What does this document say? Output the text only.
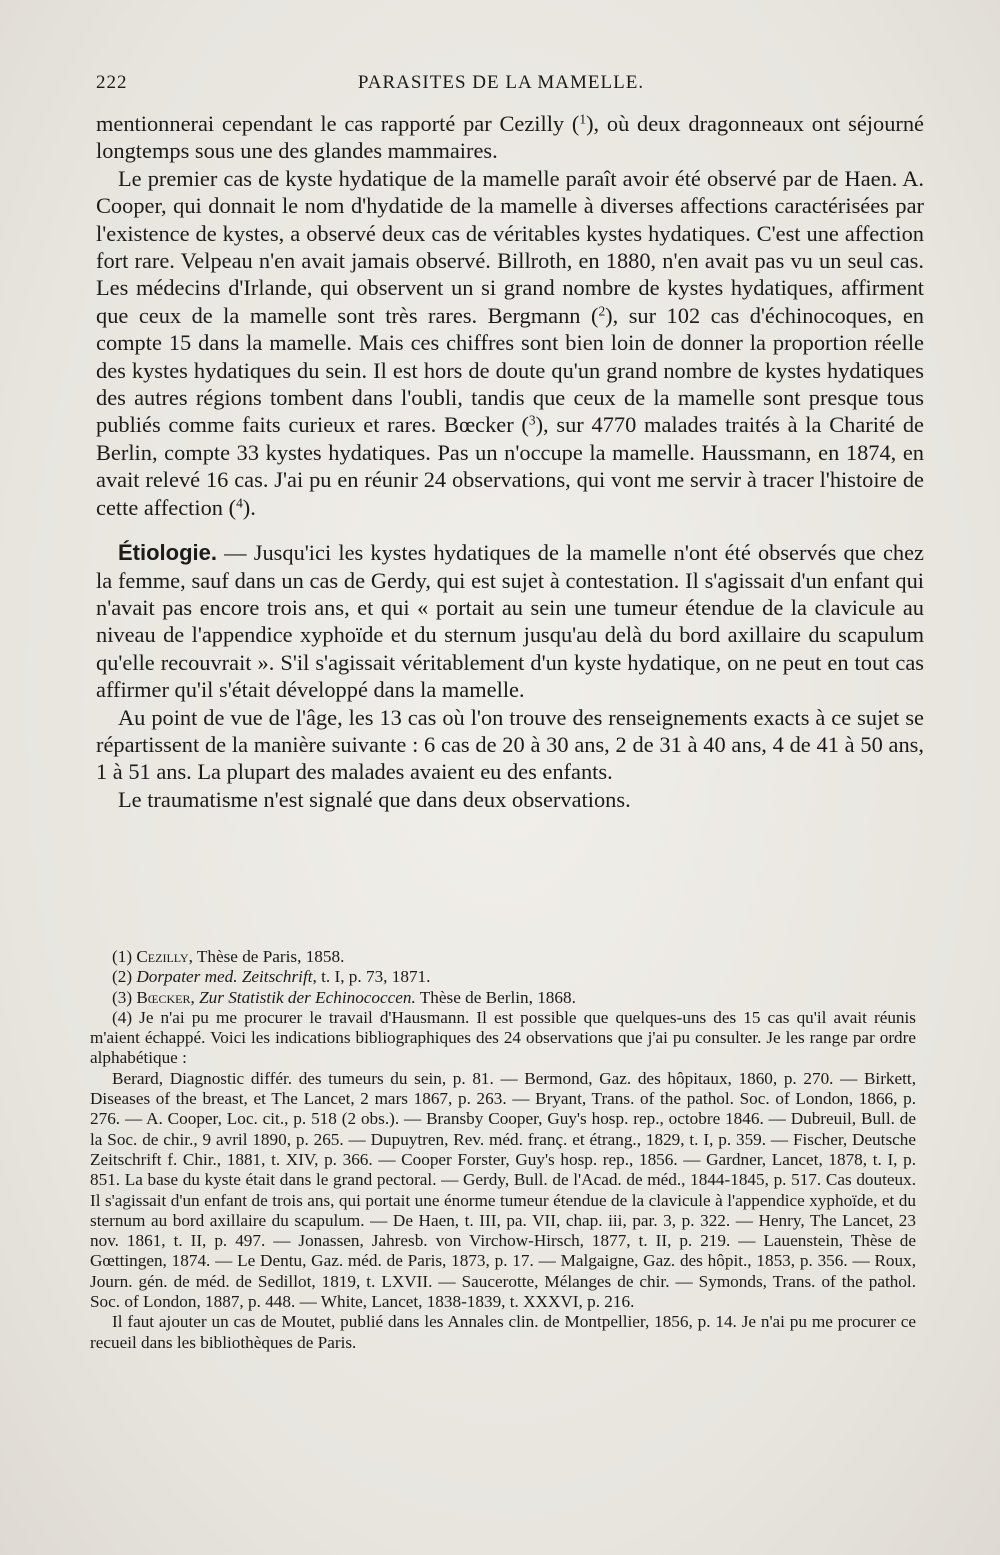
222	PARASITES DE LA MAMELLE.

mentionnerai cependant le cas rapporté par Cezilly ($^1$), où deux dragonneaux ont séjourné longtemps sous une des glandes mammaires.

Le premier cas de kyste hydatique de la mamelle paraît avoir été observé par de Haen. A. Cooper, qui donnait le nom d'hydatide de la mamelle à diverses affections caractérisées par l'existence de kystes, a observé deux cas de véritables kystes hydatiques. C'est une affection fort rare. Velpeau n'en avait jamais observé. Billroth, en 1880, n'en avait pas vu un seul cas. Les médecins d'Irlande, qui observent un si grand nombre de kystes hydatiques, affirment que ceux de la mamelle sont très rares. Bergmann ($^2$), sur 102 cas d'échinocoques, en compte 15 dans la mamelle. Mais ces chiffres sont bien loin de donner la proportion réelle des kystes hydatiques du sein. Il est hors de doute qu'un grand nombre de kystes hydatiques des autres régions tombent dans l'oubli, tandis que ceux de la mamelle sont presque tous publiés comme faits curieux et rares. Bœcker ($^3$), sur 4770 malades traités à la Charité de Berlin, compte 33 kystes hydatiques. Pas un n'occupe la mamelle. Haussmann, en 1874, en avait relevé 16 cas. J'ai pu en réunir 24 observations, qui vont me servir à tracer l'histoire de cette affection ($^4$).

Étiologie. — Jusqu'ici les kystes hydatiques de la mamelle n'ont été observés que chez la femme, sauf dans un cas de Gerdy, qui est sujet à contestation. Il s'agissait d'un enfant qui n'avait pas encore trois ans, et qui « portait au sein une tumeur étendue de la clavicule au niveau de l'appendice xyphoïde et du sternum jusqu'au delà du bord axillaire du scapulum qu'elle recouvrait ». S'il s'agissait véritablement d'un kyste hydatique, on ne peut en tout cas affirmer qu'il s'était développé dans la mamelle.

Au point de vue de l'âge, les 13 cas où l'on trouve des renseignements exacts à ce sujet se répartissent de la manière suivante : 6 cas de 20 à 30 ans, 2 de 31 à 40 ans, 4 de 41 à 50 ans, 1 à 51 ans. La plupart des malades avaient eu des enfants.

Le traumatisme n'est signalé que dans deux observations.

(1) Cezilly, Thèse de Paris, 1858.

(2) Dorpater med. Zeitschrift, t. I, p. 73, 1871.

(3) Bœcker, Zur Statistik der Echinococcen. Thèse de Berlin, 1868.

(4) Je n'ai pu me procurer le travail d'Hausmann. Il est possible que quelques-uns des 15 cas qu'il avait réunis m'aient échappé. Voici les indications bibliographiques des 24 observations que j'ai pu consulter. Je les range par ordre alphabétique :

Berard, Diagnostic différ. des tumeurs du sein, p. 81. — Bermond, Gaz. des hôpitaux, 1860, p. 270. — Birkett, Diseases of the breast, et The Lancet, 2 mars 1867, p. 263. — Bryant, Trans. of the pathol. Soc. of London, 1866, p. 276. — A. Cooper, Loc. cit., p. 518 (2 obs.). — Bransby Cooper, Guy's hosp. rep., octobre 1846. — Dubreuil, Bull. de la Soc. de chir., 9 avril 1890, p. 265. — Dupuytren, Rev. méd. franç. et étrang., 1829, t. I, p. 359. — Fischer, Deutsche Zeitschrift f. Chir., 1881, t. XIV, p. 366. — Cooper Forster, Guy's hosp. rep., 1856. — Gardner, Lancet, 1878, t. I, p. 851. La base du kyste était dans le grand pectoral. — Gerdy, Bull. de l'Acad. de méd., 1844-1845, p. 517. Cas douteux. Il s'agissait d'un enfant de trois ans, qui portait une énorme tumeur étendue de la clavicule à l'appendice xyphoïde, et du sternum au bord axillaire du scapulum. — De Haen, t. III, pa. VII, chap. iii, par. 3, p. 322. — Henry, The Lancet, 23 nov. 1861, t. II, p. 497. — Jonassen, Jahresb. von Virchow-Hirsch, 1877, t. II, p. 219. — Lauenstein, Thèse de Gœttingen, 1874. — Le Dentu, Gaz. méd. de Paris, 1873, p. 17. — Malgaigne, Gaz. des hôpit., 1853, p. 356. — Roux, Journ. gén. de méd. de Sedillot, 1819, t. LXVII. — Saucerotte, Mélanges de chir. — Symonds, Trans. of the pathol. Soc. of London, 1887, p. 448. — White, Lancet, 1838-1839, t. XXXVI, p. 216.

Il faut ajouter un cas de Moutet, publié dans les Annales clin. de Montpellier, 1856, p. 14. Je n'ai pu me procurer ce recueil dans les bibliothèques de Paris.
